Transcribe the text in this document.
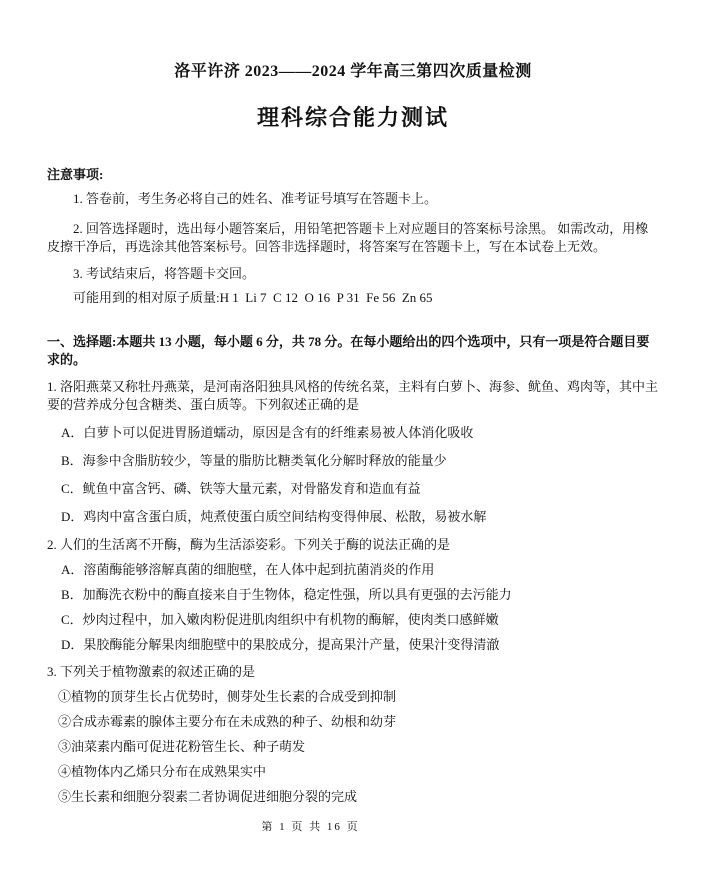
洛平许济 2023——2024 学年高三第四次质量检测
理科综合能力测试
注意事项:

1. 答卷前，考生务必将自己的姓名、准考证号填写在答题卡上。

2. 回答选择题时，选出每小题答案后，用铅笔把答题卡上对应题目的答案标号涂黑。 如需改动，用橡皮擦干净后，再选涂其他答案标号。回答非选择题时，将答案写在答题卡上，写在本试卷上无效。

3. 考试结束后，将答题卡交回。

可能用到的相对原子质量:H 1  Li 7  C 12  O 16  P 31  Fe 56  Zn 65

一、选择题:本题共 13 小题，每小题 6 分，共 78 分。在每小题给出的四个选项中，只有一项是符合题目要求的。

1. 洛阳燕菜又称牡丹燕菜，是河南洛阳独具风格的传统名菜，主料有白萝卜、海参、鱿鱼、鸡肉等，其中主要的营养成分包含糖类、蛋白质等。下列叙述正确的是

A．白萝卜可以促进胃肠道蠕动，原因是含有的纤维素易被人体消化吸收

B．海参中含脂肪较少，等量的脂肪比糖类氧化分解时释放的能量少

C．鱿鱼中富含钙、磷、铁等大量元素，对骨骼发育和造血有益

D．鸡肉中富含蛋白质，炖煮使蛋白质空间结构变得伸展、松散，易被水解

2. 人们的生活离不开酶，酶为生活添姿彩。下列关于酶的说法正确的是

A．溶菌酶能够溶解真菌的细胞壁，在人体中起到抗菌消炎的作用

B．加酶洗衣粉中的酶直接来自于生物体，稳定性强，所以具有更强的去污能力

C．炒肉过程中，加入嫩肉粉促进肌肉组织中有机物的酶解，使肉类口感鲜嫩

D．果胶酶能分解果肉细胞壁中的果胶成分，提高果汁产量，使果汁变得清澈

3. 下列关于植物激素的叙述正确的是

①植物的顶芽生长占优势时，侧芽处生长素的合成受到抑制

②合成赤霉素的腺体主要分布在未成熟的种子、幼根和幼芽

③油菜素内酯可促进花粉管生长、种子萌发

④植物体内乙烯只分布在成熟果实中

⑤生长素和细胞分裂素二者协调促进细胞分裂的完成

第 1 页 共 16 页
